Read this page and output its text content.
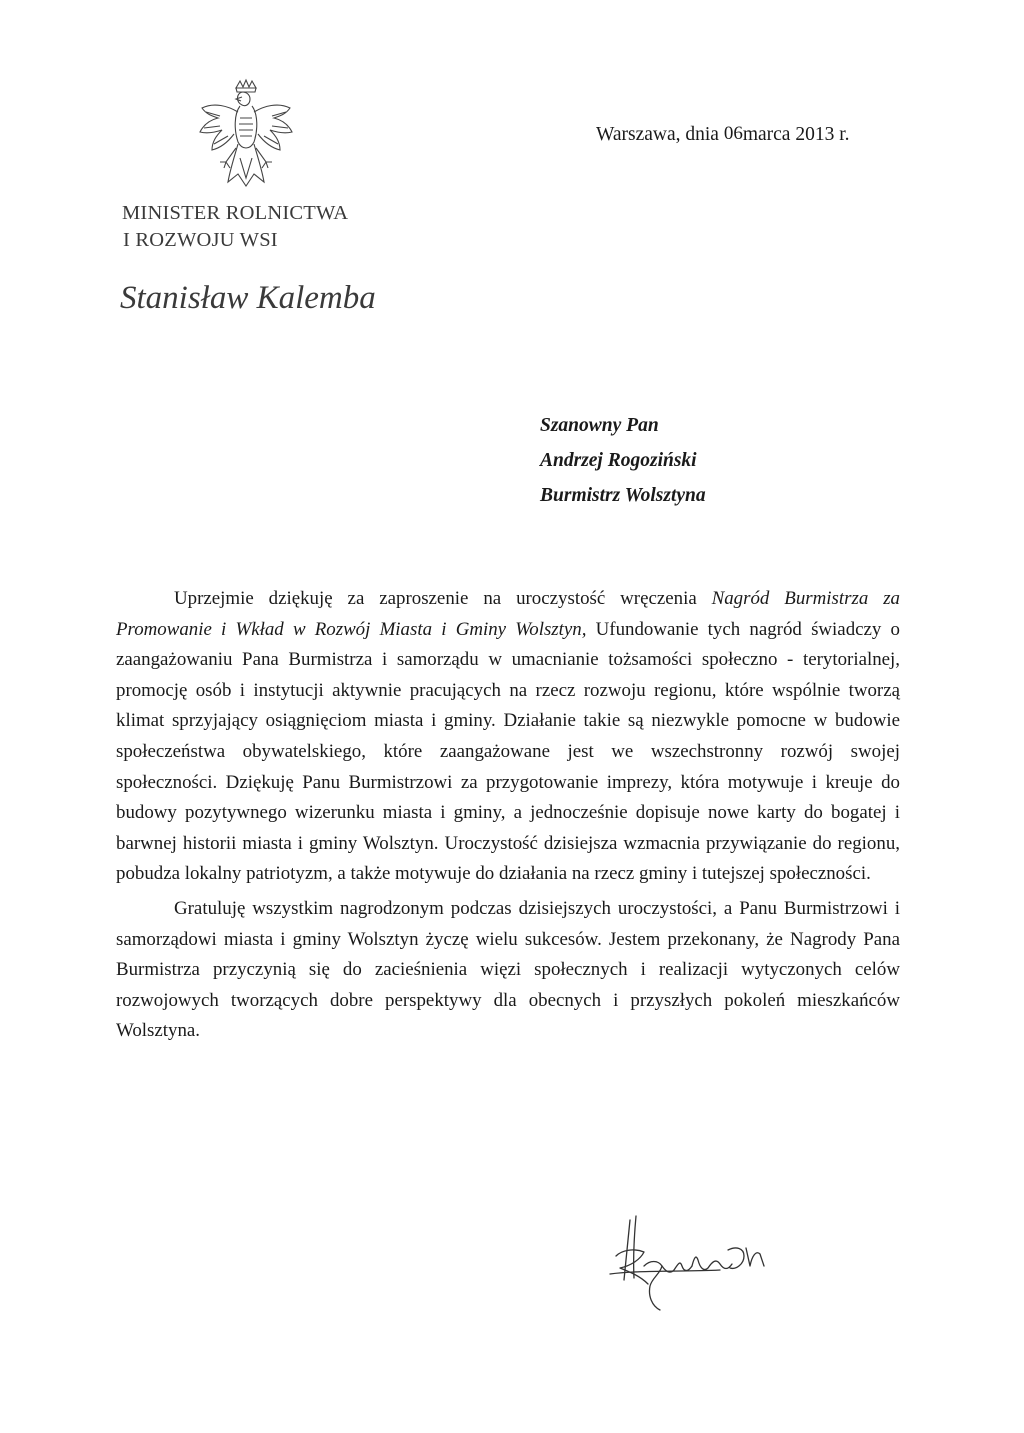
MINISTER ROLNICTWA
I ROZWOJU WSI
Stanisław Kalemba
Warszawa, dnia 06marca 2013 r.
Szanowny Pan
Andrzej Rogoziński
Burmistrz Wolsztyna

Uprzejmie dziękuję za zaproszenie na uroczystość wręczenia Nagród Burmistrza za Promowanie i Wkład w Rozwój Miasta i Gminy Wolsztyn, Ufundowanie tych nagród świadczy o zaangażowaniu Pana Burmistrza i samorządu w umacnianie tożsamości społeczno - terytorialnej, promocję osób i instytucji aktywnie pracujących na rzecz rozwoju regionu, które wspólnie tworzą klimat sprzyjający osiągnięciom miasta i gminy. Działanie takie są niezwykle pomocne w budowie społeczeństwa obywatelskiego, które zaangażowane jest we wszechstronny rozwój swojej społeczności. Dziękuję Panu Burmistrzowi za przygotowanie imprezy, która motywuje i kreuje do budowy pozytywnego wizerunku miasta i gminy, a jednocześnie dopisuje nowe karty do bogatej i barwnej historii miasta i gminy Wolsztyn. Uroczystość dzisiejsza wzmacnia przywiązanie do regionu, pobudza lokalny patriotyzm, a także motywuje do działania na rzecz gminy i tutejszej społeczności.

Gratuluję wszystkim nagrodzonym podczas dzisiejszych uroczystości, a Panu Burmistrzowi i samorządowi miasta i gminy Wolsztyn życzę wielu sukcesów. Jestem przekonany, że Nagrody Pana Burmistrza przyczynią się do zacieśnienia więzi społecznych i realizacji wytyczonych celów rozwojowych tworzących dobre perspektywy dla obecnych i przyszłych pokoleń mieszkańców Wolsztyna.
